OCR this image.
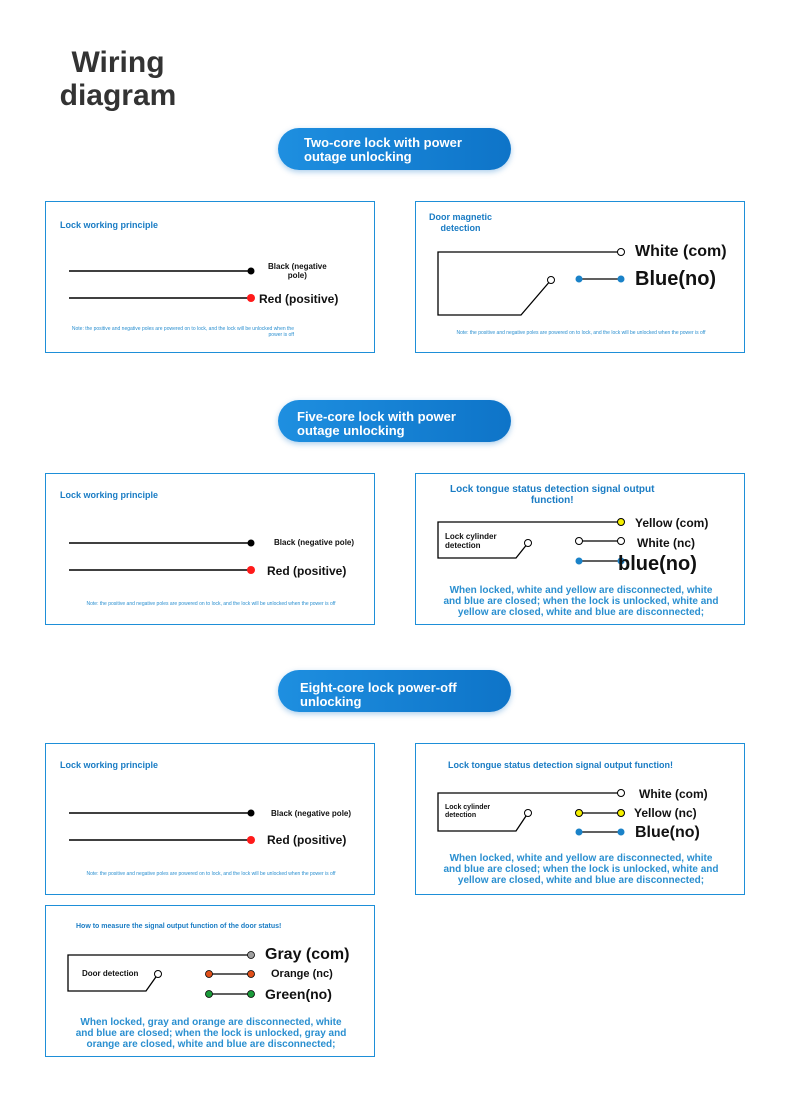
Wiring
diagram
Two-core lock with power
outage unlocking
Lock working principle
Black (negative
pole)
Red (positive)
Note: the positive and negative poles are powered on to lock, and the lock will be unlocked when the
power is off
Door magnetic
detection
White (com)
Blue(no)
Note: the positive and negative poles are powered on to lock, and the lock will be unlocked when the power is off
Five-core lock with power
outage unlocking
Lock working principle
Black (negative pole)
Red (positive)
Note: the positive and negative poles are powered on to lock, and the lock will be unlocked when the power is off
Lock tongue status detection signal output
function!
Lock cylinder
detection
Yellow (com)
White (nc)
blue(no)
When locked, white and yellow are disconnected, white
and blue are closed; when the lock is unlocked, white and
yellow are closed, white and blue are disconnected;
Eight-core lock power-off
unlocking
Lock working principle
Black (negative pole)
Red (positive)
Note: the positive and negative poles are powered on to lock, and the lock will be unlocked when the power is off
Lock tongue status detection signal output function!
Lock cylinder
detection
White (com)
Yellow (nc)
Blue(no)
When locked, white and yellow are disconnected, white
and blue are closed; when the lock is unlocked, white and
yellow are closed, white and blue are disconnected;
How to measure the signal output function of the door status!
Door detection
Gray (com)
Orange (nc)
Green(no)
When locked, gray and orange are disconnected, white
and blue are closed; when the lock is unlocked, gray and
orange are closed, white and blue are disconnected;
